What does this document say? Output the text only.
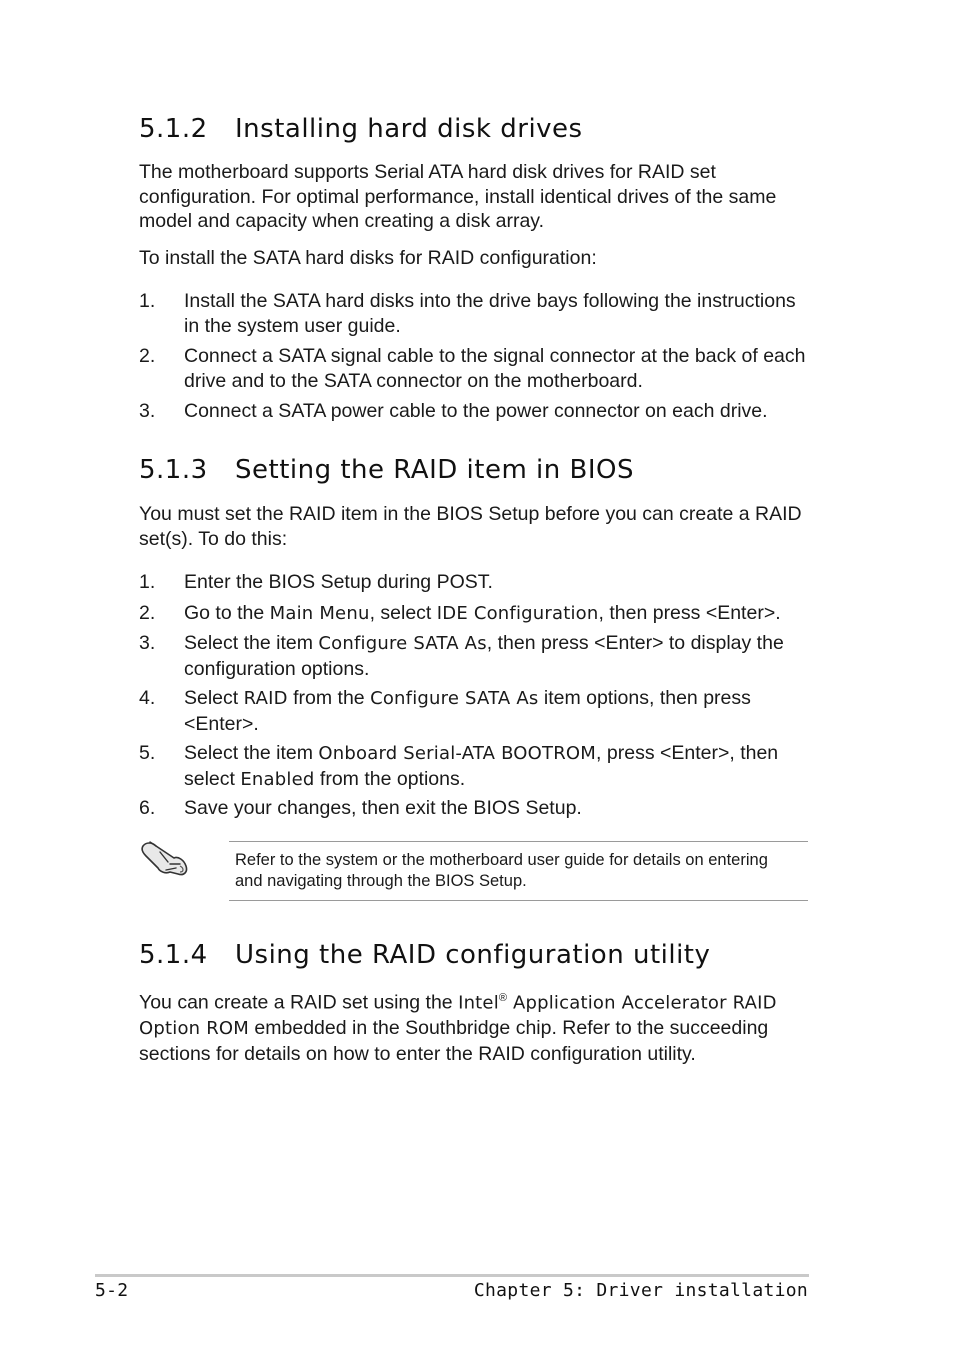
5.1.2 Installing hard disk drives

The motherboard supports Serial ATA hard disk drives for RAID set configuration. For optimal performance, install identical drives of the same model and capacity when creating a disk array.

To install the SATA hard disks for RAID configuration:

1.	Install the SATA hard disks into the drive bays following the instructions in the system user guide.
2.	Connect a SATA signal cable to the signal connector at the back of each drive and to the SATA connector on the motherboard.
3.	Connect a SATA power cable to the power connector on each drive.
5.1.3 Setting the RAID item in BIOS

You must set the RAID item in the BIOS Setup before you can create a RAID set(s). To do this:

1.	Enter the BIOS Setup during POST.
2.	Go to the Main Menu, select IDE Configuration, then press <Enter>.
3.	Select the item Configure SATA As, then press <Enter> to display the configuration options.
4.	Select RAID from the Configure SATA As item options, then press <Enter>.
5.	Select the item Onboard Serial-ATA BOOTROM, press <Enter>, then select Enabled from the options.
6.	Save your changes, then exit the BIOS Setup.
Refer to the system or the motherboard user guide for details on entering and navigating through the BIOS Setup.
5.1.4 Using the RAID configuration utility

You can create a RAID set using the Intel® Application Accelerator RAID Option ROM embedded in the Southbridge chip. Refer to the succeeding sections for details on how to enter the RAID configuration utility.

5-2	Chapter 5: Driver installation
